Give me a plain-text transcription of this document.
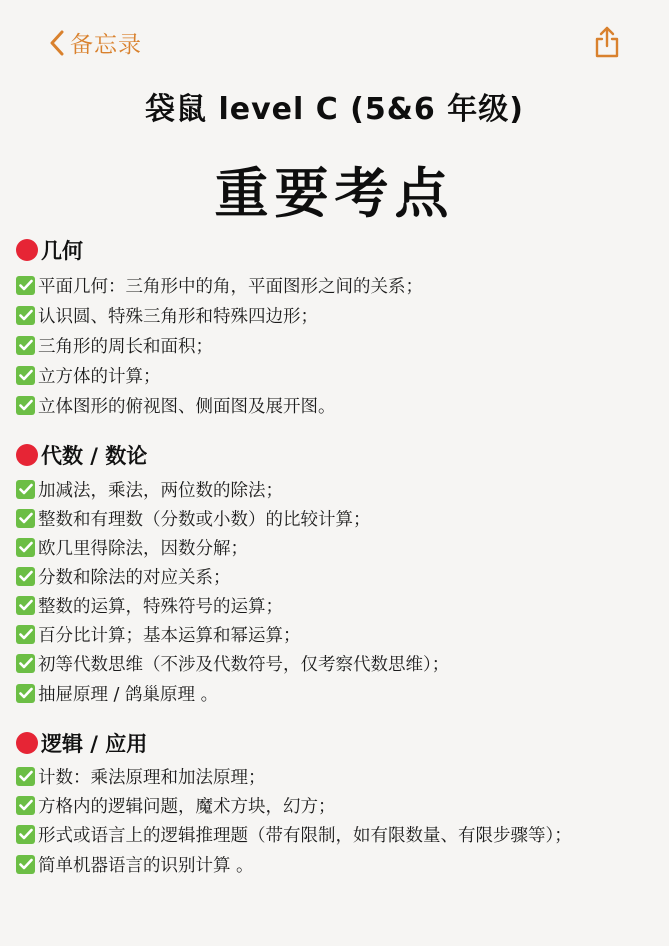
备忘录
袋鼠 level C (5&6 年级)
重要考点
几何
平面几何：三角形中的角，平面图形之间的关系；
认识圆、特殊三角形和特殊四边形；
三角形的周长和面积；
立方体的计算；
立体图形的俯视图、侧面图及展开图。
代数 / 数论
加减法，乘法，两位数的除法；
整数和有理数（分数或小数）的比较计算；
欧几里得除法，因数分解；
分数和除法的对应关系；
整数的运算，特殊符号的运算；
百分比计算；基本运算和幂运算；
初等代数思维（不涉及代数符号，仅考察代数思维）；
抽屉原理 / 鸽巢原理 。
逻辑 / 应用
计数：乘法原理和加法原理；
方格内的逻辑问题，魔术方块，幻方；
形式或语言上的逻辑推理题（带有限制，如有限数量、有限步骤等）；
简单机器语言的识别计算 。
